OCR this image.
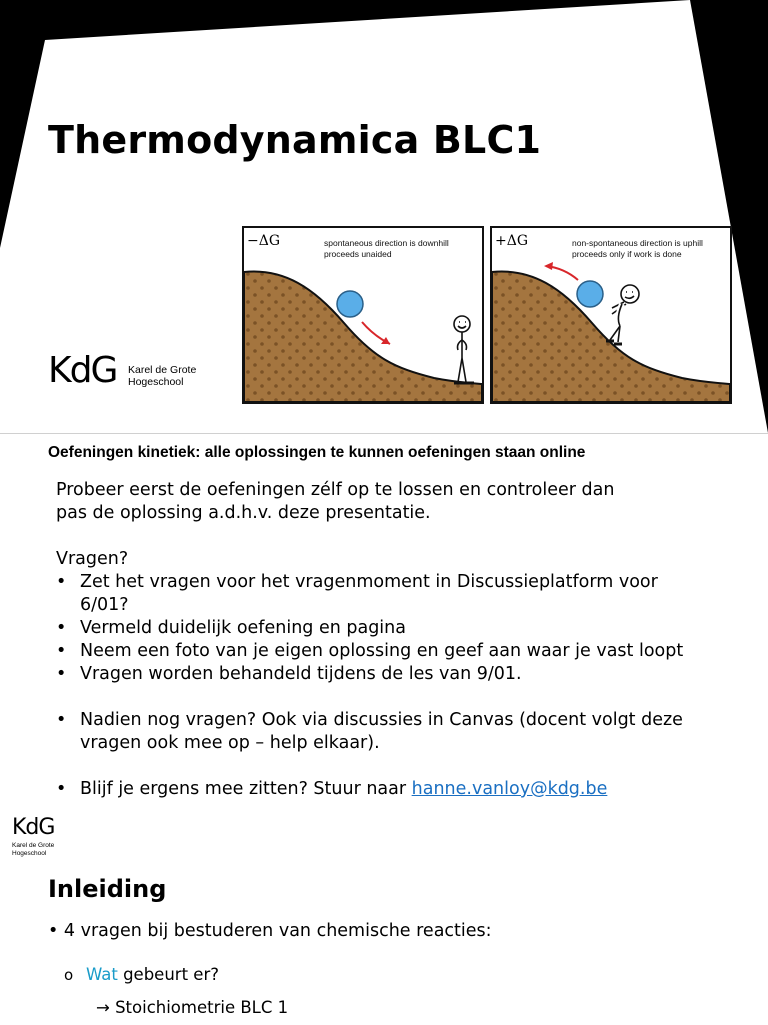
Thermodynamica BLC1
KdG Karel de Grote
Hogeschool
−ΔG	spontaneous direction is downhill
proceeds unaided
+ΔG	non-spontaneous direction is uphill
proceeds only if work is done
Oefeningen kinetiek: alle oplossingen te kunnen oefeningen staan online

Probeer eerst de oefeningen zélf op te lossen en controleer dan
pas de oplossing a.d.h.v. deze presentatie.

Vragen?

• Zet het vragen voor het vragenmoment in Discussieplatform voor 6/01?
• Vermeld duidelijk oefening en pagina
• Neem een foto van je eigen oplossing en geef aan waar je vast loopt
• Vragen worden behandeld tijdens de les van 9/01.
• Nadien nog vragen? Ook via discussies in Canvas (docent volgt deze vragen ook mee op – help elkaar).
• Blijf je ergens mee zitten? Stuur naar hanne.vanloy@kdg.be
KdG
Karel de Grote
Hogeschool
Inleiding
• 4 vragen bij bestuderen van chemische reacties:
o Wat gebeurt er?
→ Stoichiometrie BLC 1
